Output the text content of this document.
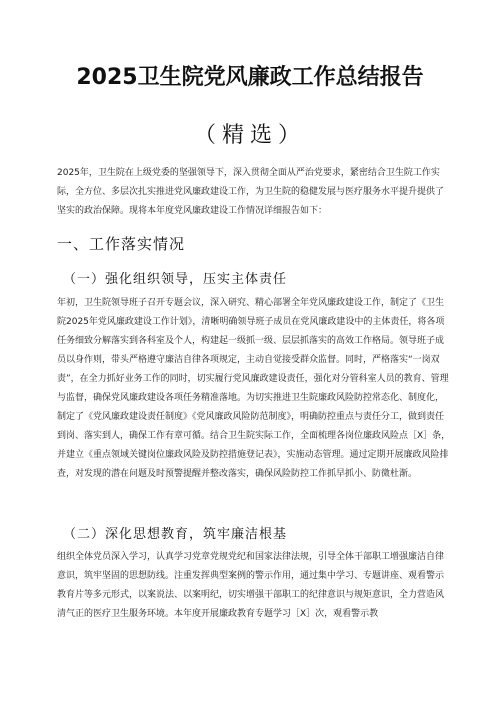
2025卫生院党风廉政工作总结报告
（精选）
2025年，卫生院在上级党委的坚强领导下，深入贯彻全面从严治党要求，紧密结合卫生院工作实际，全方位、多层次扎实推进党风廉政建设工作，为卫生院的稳健发展与医疗服务水平提升提供了坚实的政治保障。现将本年度党风廉政建设工作情况详细报告如下：
一、工作落实情况
（一）强化组织领导，压实主体责任
年初，卫生院领导班子召开专题会议，深入研究、精心部署全年党风廉政建设工作，制定了《卫生院2025年党风廉政建设工作计划》，清晰明确领导班子成员在党风廉政建设中的主体责任，将各项任务细致分解落实到各科室及个人，构建起一级抓一级、层层抓落实的高效工作格局。领导班子成员以身作则，带头严格遵守廉洁自律各项规定，主动自觉接受群众监督。同时，严格落实“一岗双责”，在全力抓好业务工作的同时，切实履行党风廉政建设责任，强化对分管科室人员的教育、管理与监督，确保党风廉政建设各项任务精准落地。为切实推进卫生院廉政风险防控常态化、制度化，制定了《党风廉政建设责任制度》《党风廉政风险防范制度》，明确防控重点与责任分工，做到责任到岗、落实到人，确保工作有章可循。结合卫生院实际工作，全面梳理各岗位廉政风险点［X］条，并建立《重点领域关键岗位廉政风险及防控措施登记表》，实施动态管理。通过定期开展廉政风险排查，对发现的潜在问题及时预警提醒并整改落实，确保风险防控工作抓早抓小、防微杜渐。
（二）深化思想教育，筑牢廉洁根基
组织全体党员深入学习，认真学习党章党规党纪和国家法律法规，引导全体干部职工增强廉洁自律意识，筑牢坚固的思想防线。注重发挥典型案例的警示作用，通过集中学习、专题讲座、观看警示教育片等多元形式，以案说法、以案明纪，切实增强干部职工的纪律意识与规矩意识，全力营造风清气正的医疗卫生服务环境。本年度开展廉政教育专题学习［X］次，观看警示教
